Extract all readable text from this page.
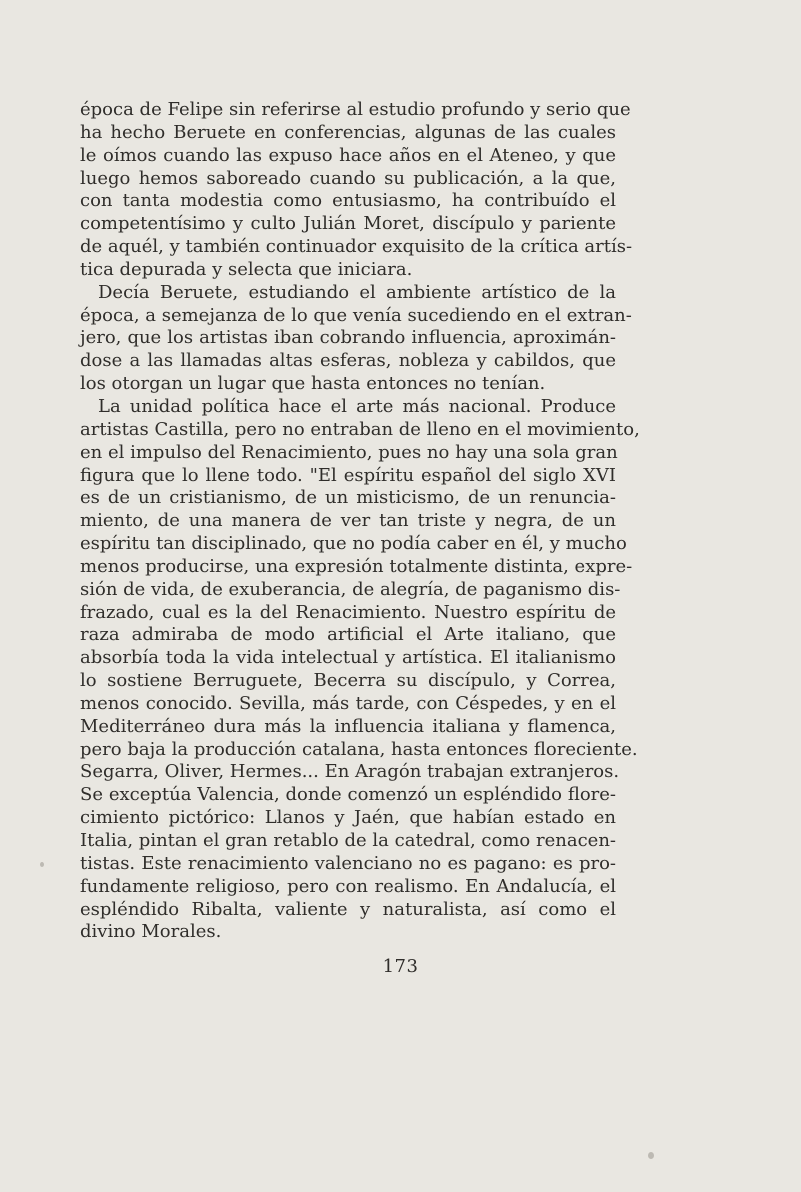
época de Felipe sin referirse al estudio profundo y serio que
ha hecho Beruete en conferencias, algunas de las cuales
le oímos cuando las expuso hace años en el Ateneo, y que
luego hemos saboreado cuando su publicación, a la que,
con tanta modestia como entusiasmo, ha contribuído el
competentísimo y culto Julián Moret, discípulo y pariente
de aquél, y también continuador exquisito de la crítica artís-
tica depurada y selecta que iniciara.

Decía Beruete, estudiando el ambiente artístico de la
época, a semejanza de lo que venía sucediendo en el extran-
jero, que los artistas iban cobrando influencia, aproximán-
dose a las llamadas altas esferas, nobleza y cabildos, que
los otorgan un lugar que hasta entonces no tenían.

La unidad política hace el arte más nacional. Produce
artistas Castilla, pero no entraban de lleno en el movimiento,
en el impulso del Renacimiento, pues no hay una sola gran
figura que lo llene todo. "El espíritu español del siglo XVI
es de un cristianismo, de un misticismo, de un renuncia-
miento, de una manera de ver tan triste y negra, de un
espíritu tan disciplinado, que no podía caber en él, y mucho
menos producirse, una expresión totalmente distinta, expre-
sión de vida, de exuberancia, de alegría, de paganismo dis-
frazado, cual es la del Renacimiento. Nuestro espíritu de
raza admiraba de modo artificial el Arte italiano, que
absorbía toda la vida intelectual y artística. El italianismo
lo sostiene Berruguete, Becerra su discípulo, y Correa,
menos conocido. Sevilla, más tarde, con Céspedes, y en el
Mediterráneo dura más la influencia italiana y flamenca,
pero baja la producción catalana, hasta entonces floreciente.
Segarra, Oliver, Hermes... En Aragón trabajan extranjeros.
Se exceptúa Valencia, donde comenzó un espléndido flore-
cimiento pictórico: Llanos y Jaén, que habían estado en
Italia, pintan el gran retablo de la catedral, como renacen-
tistas. Este renacimiento valenciano no es pagano: es pro-
fundamente religioso, pero con realismo. En Andalucía, el
espléndido Ribalta, valiente y naturalista, así como el
divino Morales.

173
